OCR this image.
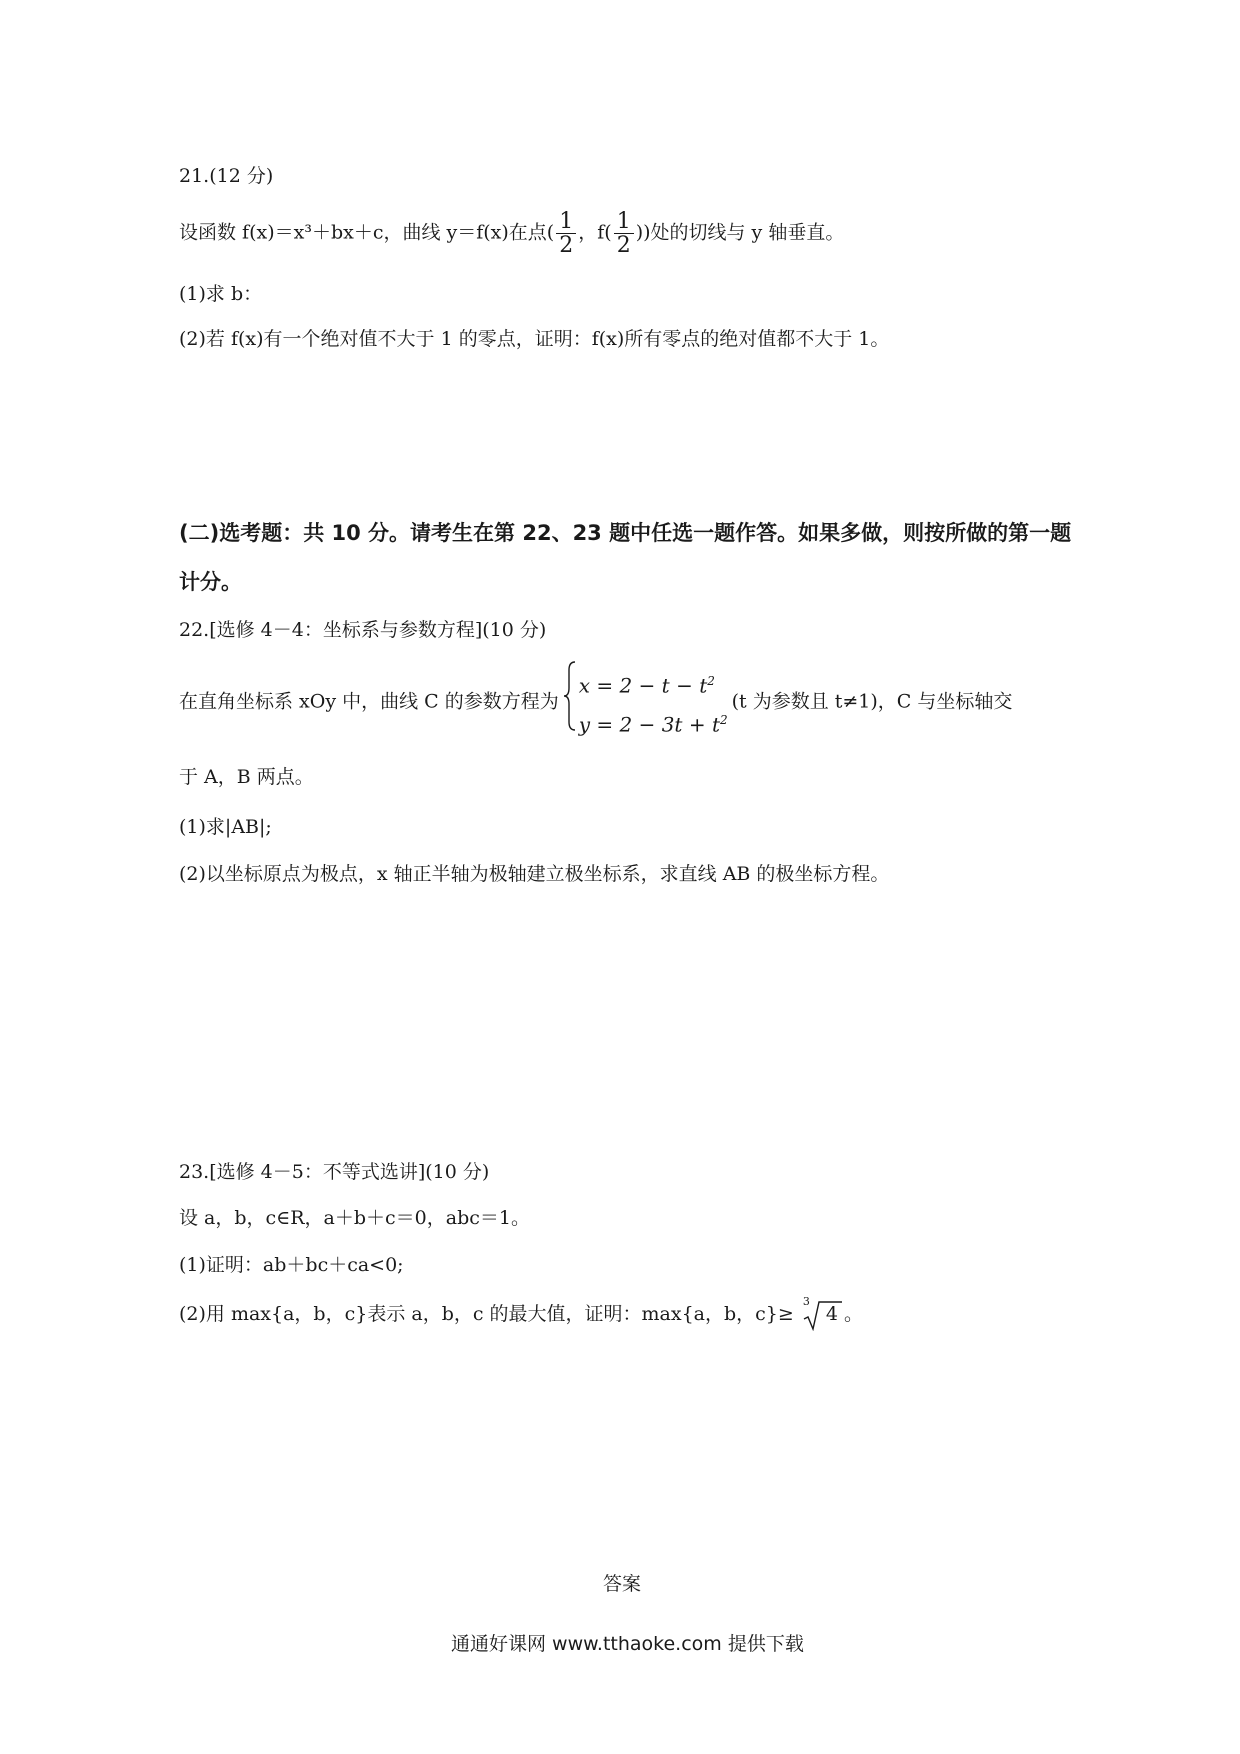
21.(12 分)
设函数 f(x)＝x³＋bx＋c，曲线 y＝f(x)在点( $\frac{1}{2}$ ，$f( \frac{1}{2}$ ))处的切线与 y 轴垂直。
(1)求 b：
(2)若 f(x)有一个绝对值不大于 1 的零点，证明：f(x)所有零点的绝对值都不大于 1。
(二)选考题：共 10 分。请考生在第 22、23 题中任选一题作答。如果多做，则按所做的第一题
计分。
22.[选修 4－4：坐标系与参数方程](10 分)
在直角坐标系 xOy 中，曲线 C 的参数方程为
$x = 2 - t - t^2$
$y = 2 - 3t + t^2$
(t 为参数且 t≠1)，C 与坐标轴交
于 A，B 两点。
(1)求|AB|;
(2)以坐标原点为极点，x 轴正半轴为极轴建立极坐标系，求直线 AB 的极坐标方程。
23.[选修 4－5：不等式选讲](10 分)
设 a，b，c∈R，a＋b＋c＝0，abc＝1。
(1)证明：ab＋bc＋ca<0;
(2)用 max{a，b，c}表示 a，b，c 的最大值，证明：max{a，b，c}≥
3
4 。
答案
通通好课网 www.tthaoke.com 提供下载
